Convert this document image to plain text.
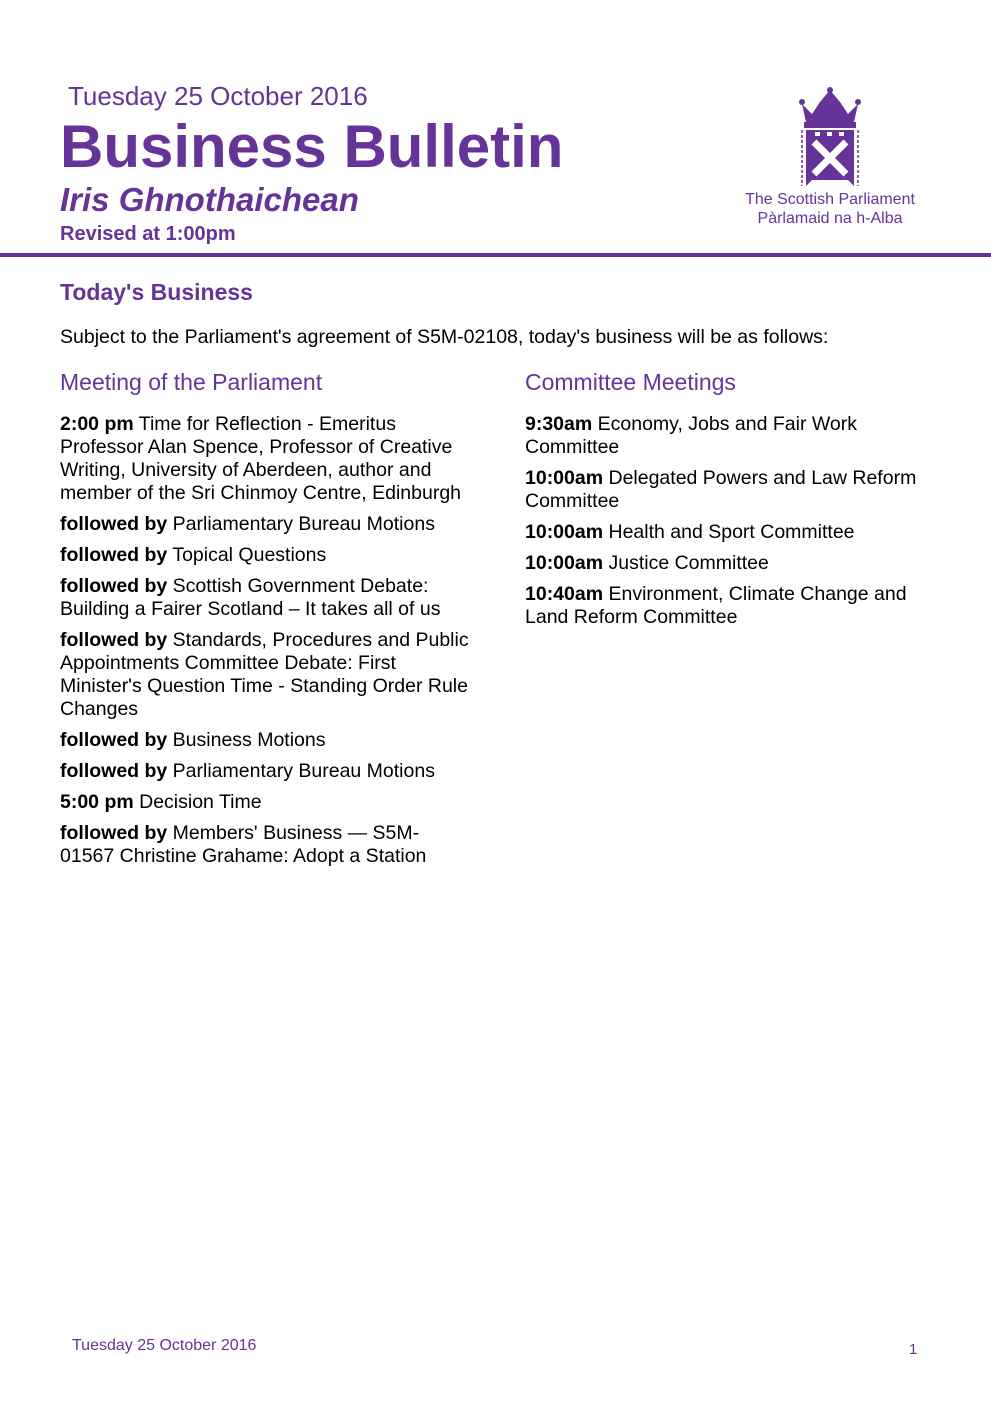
Tuesday 25 October 2016
Business Bulletin
Iris Ghnothaichean
Revised at 1:00pm
The Scottish Parliament
Pàrlamaid na h-Alba
Today's Business
Subject to the Parliament's agreement of S5M-02108, today's business will be as follows:
Meeting of the Parliament
2:00 pm Time for Reflection - Emeritus Professor Alan Spence, Professor of Creative Writing, University of Aberdeen, author and member of the Sri Chinmoy Centre, Edinburgh
followed by Parliamentary Bureau Motions
followed by Topical Questions
followed by Scottish Government Debate: Building a Fairer Scotland – It takes all of us
followed by Standards, Procedures and Public Appointments Committee Debate: First Minister's Question Time - Standing Order Rule Changes
followed by Business Motions
followed by Parliamentary Bureau Motions
5:00 pm Decision Time
followed by Members' Business — S5M-01567 Christine Grahame: Adopt a Station
Committee Meetings
9:30am Economy, Jobs and Fair Work Committee
10:00am Delegated Powers and Law Reform Committee
10:00am Health and Sport Committee
10:00am Justice Committee
10:40am Environment, Climate Change and Land Reform Committee
Tuesday 25 October 2016	1
